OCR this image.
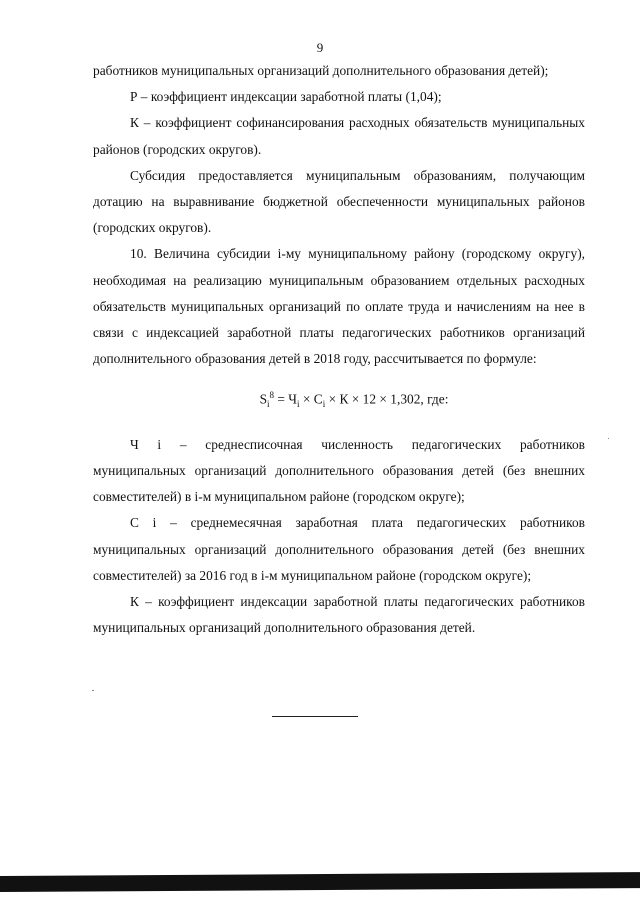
9

работников муниципальных организаций дополнительного образования детей);

Р – коэффициент индексации заработной платы (1,04);

К – коэффициент софинансирования расходных обязательств муниципальных районов (городских округов).

Субсидия предоставляется муниципальным образованиям, получающим дотацию на выравнивание бюджетной обеспеченности муниципальных районов (городских округов).

10. Величина субсидии i-му муниципальному району (городскому округу), необходимая на реализацию муниципальным образованием отдельных расходных обязательств муниципальных организаций по оплате труда и начислениям на нее в связи с индексацией заработной платы педагогических работников организаций дополнительного образования детей в 2018 году, рассчитывается по формуле:

$S_i^8 = Ч_i \times С_i \times К \times 12 \times 1,302$, где:

Ч i – среднесписочная численность педагогических работников муниципальных организаций дополнительного образования детей (без внешних совместителей) в i-м муниципальном районе (городском округе);

С i – среднемесячная заработная плата педагогических работников муниципальных организаций дополнительного образования детей (без внешних совместителей) за 2016 год в i-м муниципальном районе (городском округе);

К – коэффициент индексации заработной платы педагогических работников муниципальных организаций дополнительного образования детей.
